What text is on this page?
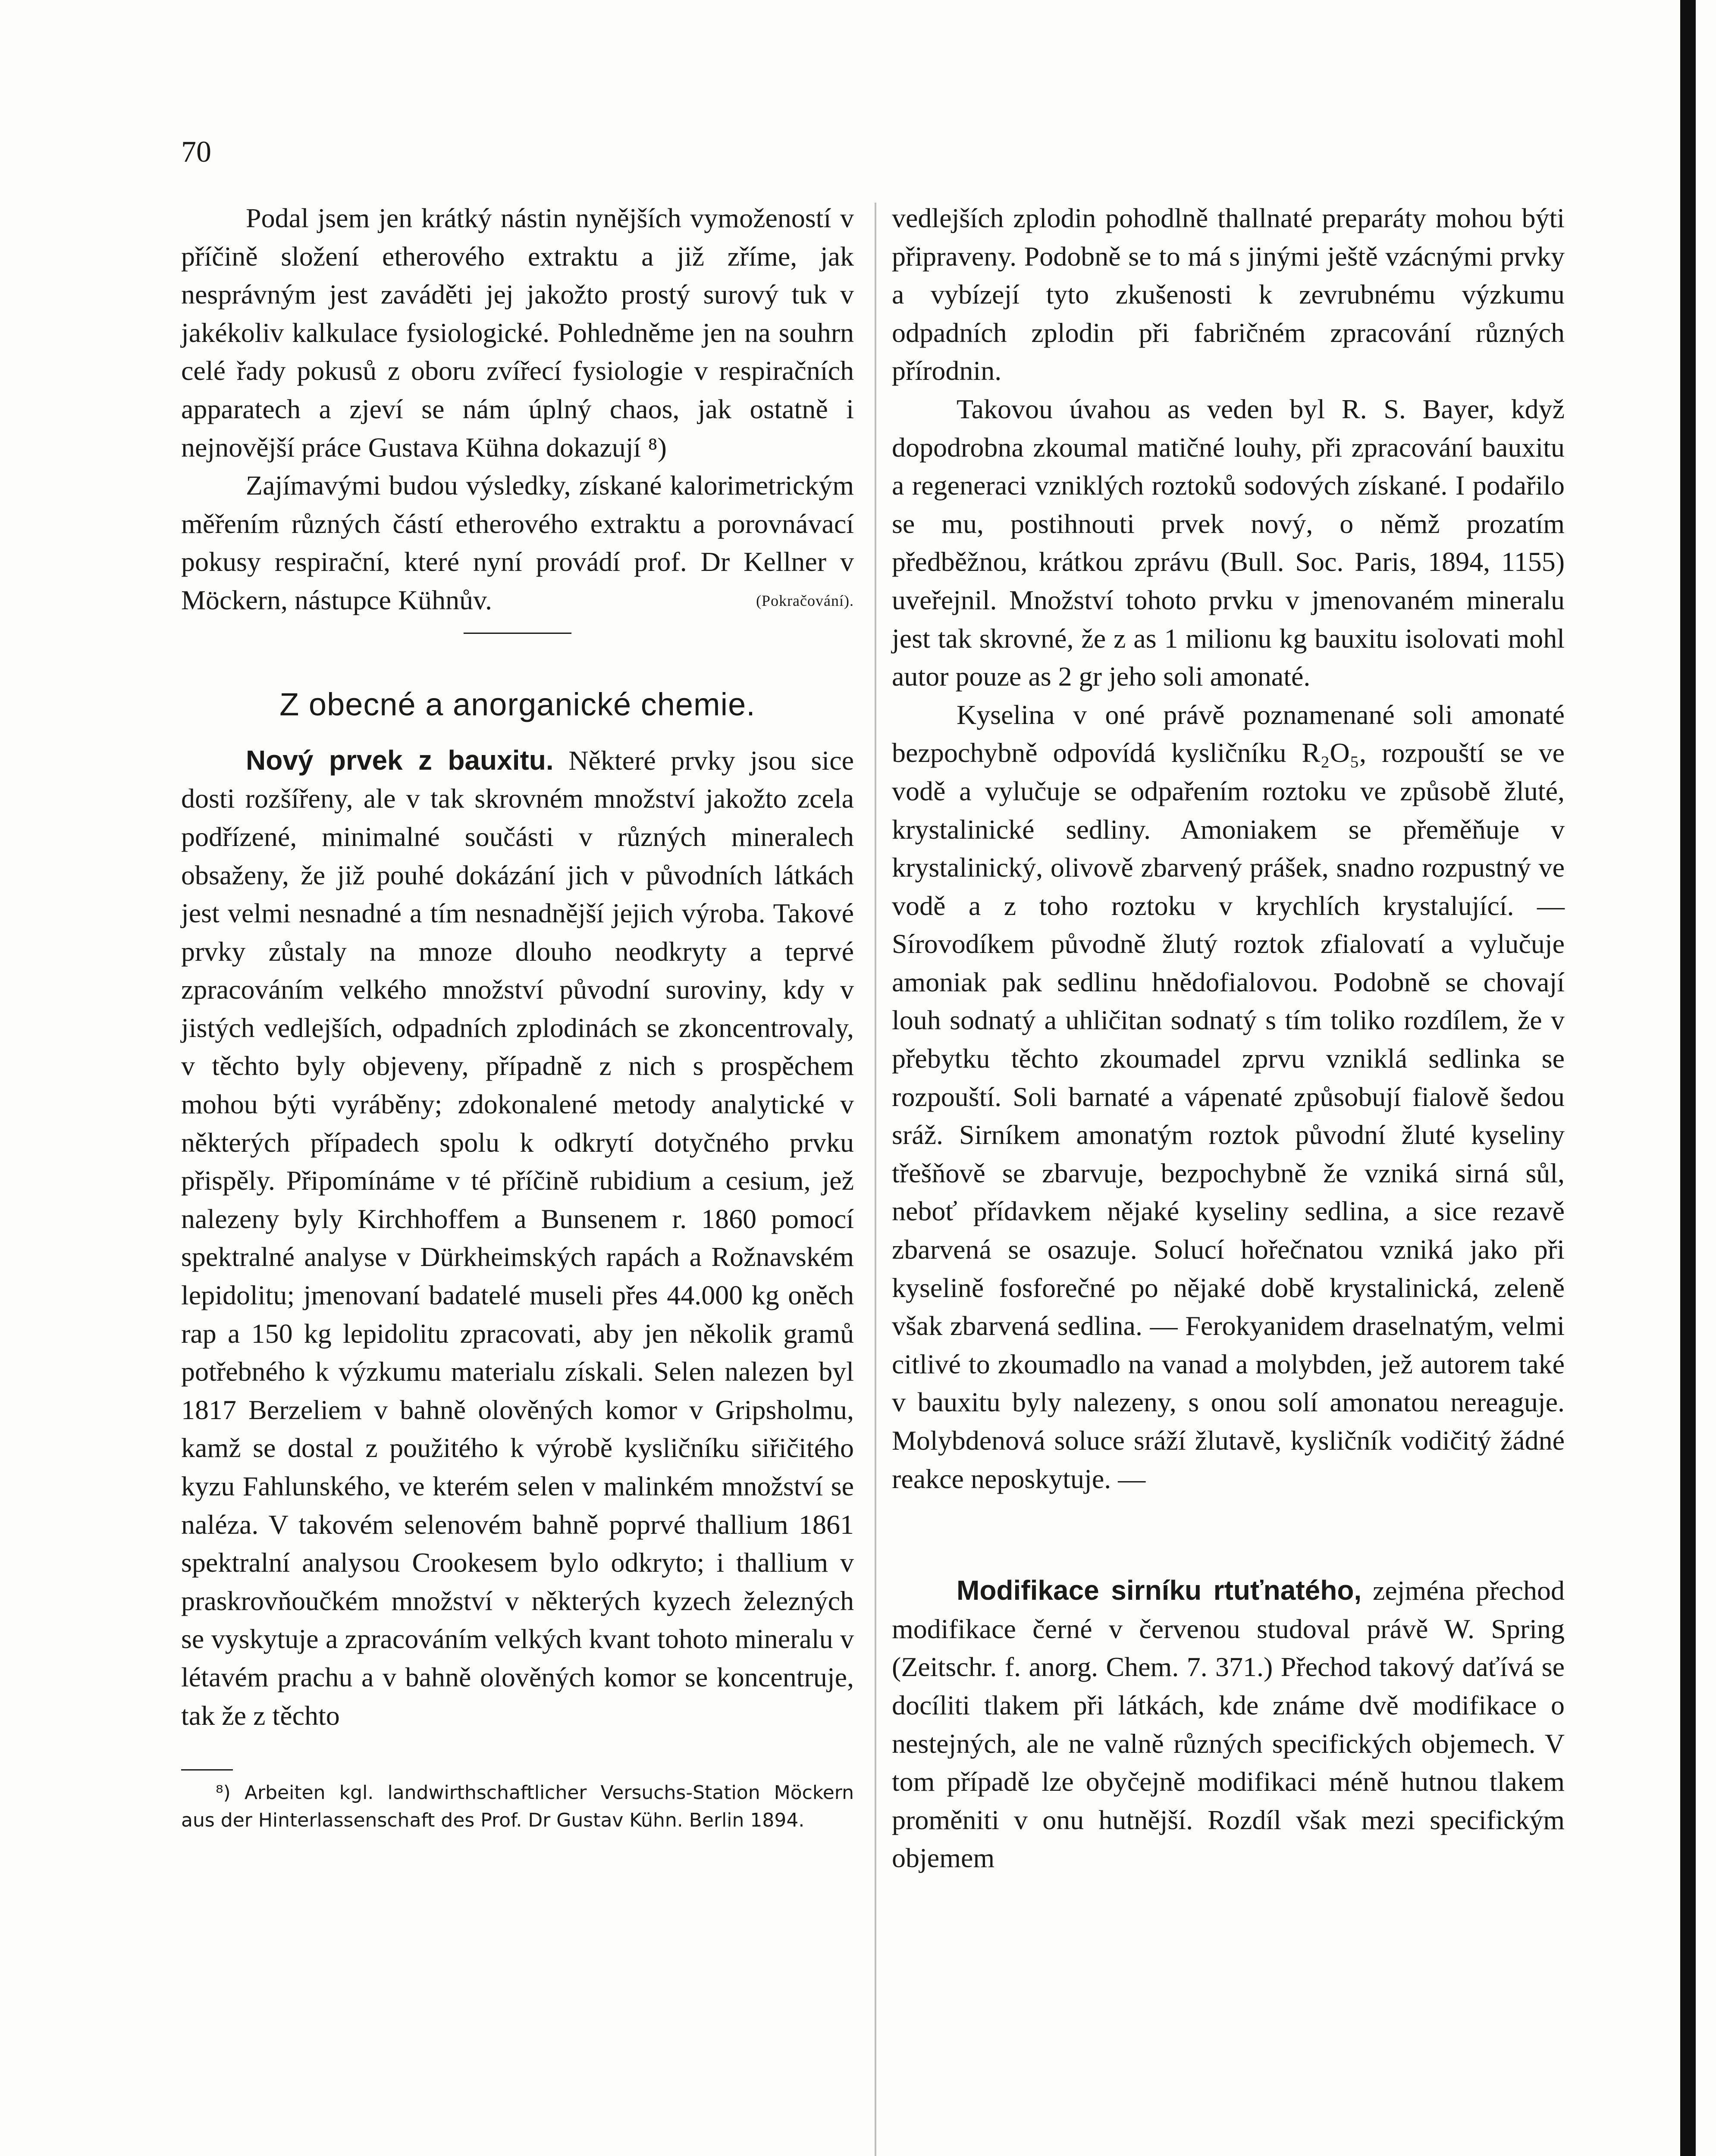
70

Podal jsem jen krátký nástin nynějších vymožeností v příčině složení etherového extraktu a již zříme, jak nesprávným jest zaváděti jej jakožto prostý surový tuk v jakékoliv kalkulace fysiologické. Pohledněme jen na souhrn celé řady pokusů z oboru zvířecí fysiologie v respiračních apparatech a zjeví se nám úplný chaos, jak ostatně i nejnovější práce Gustava Kühna dokazují ⁸)

Zajímavými budou výsledky, získané kalorimetrickým měřením různých částí etherového extraktu a porovnávací pokusy respirační, které nyní provádí prof. Dr Kellner v Möckern, nástupce Kühnův.	(Pokračování).
Z obecné a anorganické chemie.

Nový prvek z bauxitu. Některé prvky jsou sice dosti rozšířeny, ale v tak skrovném množství jakožto zcela podřízené, minimalné součásti v různých mineralech obsaženy, že již pouhé dokázání jich v původních látkách jest velmi nesnadné a tím nesnadnější jejich výroba. Takové prvky zůstaly na mnoze dlouho neodkryty a teprvé zpracováním velkého množství původní suroviny, kdy v jistých vedlejších, odpadních zplodinách se zkoncentrovaly, v těchto byly objeveny, případně z nich s prospěchem mohou býti vyráběny; zdokonalené metody analytické v některých případech spolu k odkrytí dotyčného prvku přispěly. Připomínáme v té příčině rubidium a cesium, jež nalezeny byly Kirchhoffem a Bunsenem r. 1860 pomocí spektralné analyse v Dürkheimských rapách a Rožnavském lepidolitu; jmenovaní badatelé museli přes 44.000 kg oněch rap a 150 kg lepidolitu zpracovati, aby jen několik gramů potřebného k výzkumu materialu získali. Selen nalezen byl 1817 Berzeliem v bahně olověných komor v Gripsholmu, kamž se dostal z použitého k výrobě kysličníku siřičitého kyzu Fahlunského, ve kterém selen v malinkém množství se naléza. V takovém selenovém bahně poprvé thallium 1861 spektralní analysou Crookesem bylo odkryto; i thallium v praskrovňoučkém množství v některých kyzech železných se vyskytuje a zpracováním velkých kvant tohoto mineralu v létavém prachu a v bahně olověných komor se koncentruje, tak že z těchto

⁸) Arbeiten kgl. landwirthschaftlicher Versuchs-Station Möckern aus der Hinterlassenschaft des Prof. Dr Gustav Kühn. Berlin 1894.

vedlejších zplodin pohodlně thallnaté preparáty mohou býti připraveny. Podobně se to má s jinými ještě vzácnými prvky a vybízejí tyto zkušenosti k zevrubnému výzkumu odpadních zplodin při fabričném zpracování různých přírodnin.

Takovou úvahou as veden byl R. S. Bayer, když dopodrobna zkoumal matičné louhy, při zpracování bauxitu a regeneraci vzniklých roztoků sodových získané. I podařilo se mu, postihnouti prvek nový, o němž prozatím předběžnou, krátkou zprávu (Bull. Soc. Paris, 1894, 1155) uveřejnil. Množství tohoto prvku v jmenovaném mineralu jest tak skrovné, že z as 1 milionu kg bauxitu isolovati mohl autor pouze as 2 gr jeho soli amonaté.

Kyselina v oné právě poznamenané soli amonaté bezpochybně odpovídá kysličníku R₂O₅, rozpouští se ve vodě a vylučuje se odpařením roztoku ve způsobě žluté, krystalinické sedliny. Amoniakem se přeměňuje v krystalinický, olivově zbarvený prášek, snadno rozpustný ve vodě a z toho roztoku v krychlích krystalující. — Sírovodíkem původně žlutý roztok zfialovatí a vylučuje amoniak pak sedlinu hnědofialovou. Podobně se chovají louh sodnatý a uhličitan sodnatý s tím toliko rozdílem, že v přebytku těchto zkoumadel zprvu vzniklá sedlinka se rozpouští. Soli barnaté a vápenaté způsobují fialově šedou sráž. Sirníkem amonatým roztok původní žluté kyseliny třešňově se zbarvuje, bezpochybně že vzniká sirná sůl, neboť přídavkem nějaké kyseliny sedlina, a sice rezavě zbarvená se osazuje. Solucí hořečnatou vzniká jako při kyselině fosforečné po nějaké době krystalinická, zeleně však zbarvená sedlina. — Ferokyanidem draselnatým, velmi citlivé to zkoumadlo na vanad a molybden, jež autorem také v bauxitu byly nalezeny, s onou solí amonatou nereaguje. Molybdenová soluce sráží žlutavě, kysličník vodičitý žádné reakce neposkytuje. —

Modifikace sirníku rtuťnatého, zejména přechod modifikace černé v červenou studoval právě W. Spring (Zeitschr. f. anorg. Chem. 7. 371.) Přechod takový daťívá se docíliti tlakem při látkách, kde známe dvě modifikace o nestejných, ale ne valně různých specifických objemech. V tom případě lze obyčejně modifikaci méně hutnou tlakem proměniti v onu hutnější. Rozdíl však mezi specifickým objemem
